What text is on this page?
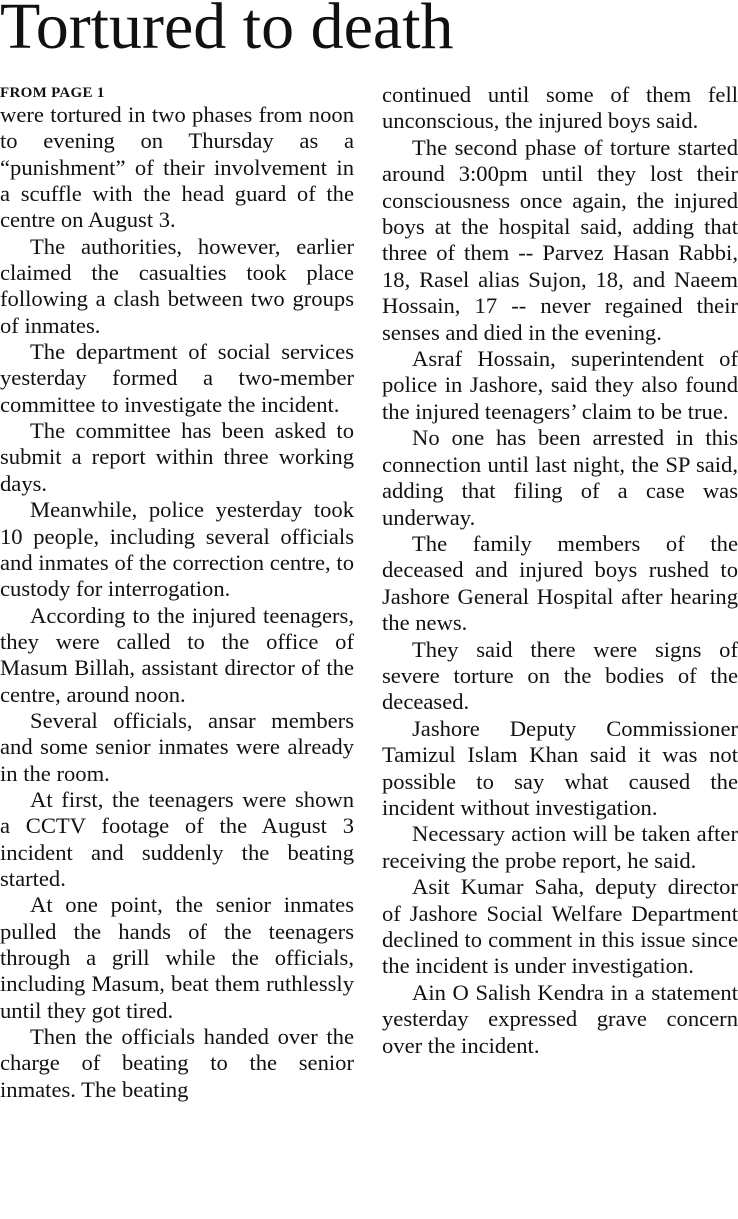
Tortured to death
FROM PAGE 1

were tortured in two phases from noon to evening on Thursday as a “punishment” of their involvement in a scuffle with the head guard of the centre on August 3.

The authorities, however, earlier claimed the casualties took place following a clash between two groups of inmates.

The department of social services yesterday formed a two-member committee to investigate the incident.

The committee has been asked to submit a report within three working days.

Meanwhile, police yesterday took 10 people, including several officials and inmates of the correction centre, to custody for interrogation.

According to the injured teenagers, they were called to the office of Masum Billah, assistant director of the centre, around noon.

Several officials, ansar members and some senior inmates were already in the room.

At first, the teenagers were shown a CCTV footage of the August 3 incident and suddenly the beating started.

At one point, the senior inmates pulled the hands of the teenagers through a grill while the officials, including Masum, beat them ruthlessly until they got tired.

Then the officials handed over the charge of beating to the senior inmates. The beating

continued until some of them fell unconscious, the injured boys said.

The second phase of torture started around 3:00pm until they lost their consciousness once again, the injured boys at the hospital said, adding that three of them -- Parvez Hasan Rabbi, 18, Rasel alias Sujon, 18, and Naeem Hossain, 17 -- never regained their senses and died in the evening.

Asraf Hossain, superintendent of police in Jashore, said they also found the injured teenagers’ claim to be true.

No one has been arrested in this connection until last night, the SP said, adding that filing of a case was underway.

The family members of the deceased and injured boys rushed to Jashore General Hospital after hearing the news.

They said there were signs of severe torture on the bodies of the deceased.

Jashore Deputy Commissioner Tamizul Islam Khan said it was not possible to say what caused the incident without investigation.

Necessary action will be taken after receiving the probe report, he said.

Asit Kumar Saha, deputy director of Jashore Social Welfare Department declined to comment in this issue since the incident is under investigation.

Ain O Salish Kendra in a statement yesterday expressed grave concern over the incident.
